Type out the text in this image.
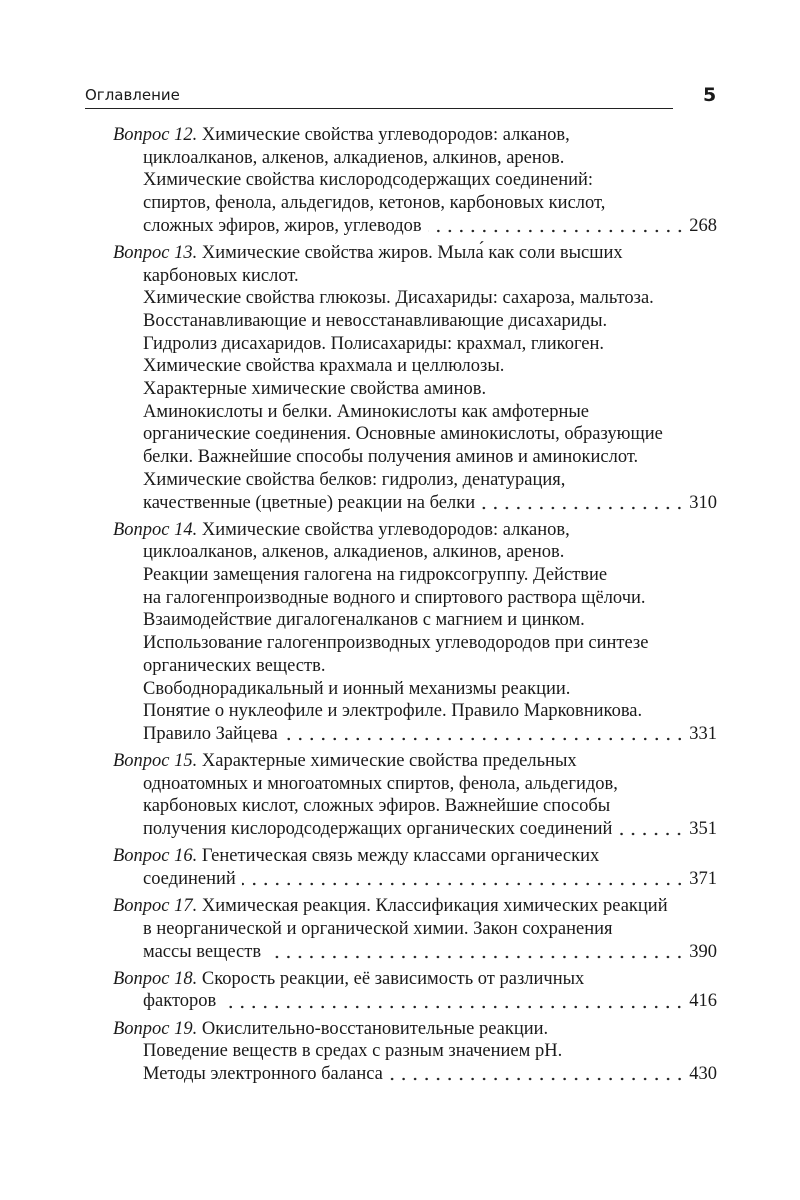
Оглавление	5
Вопрос 12. Химические свойства углеводородов: алканов,
циклоалканов, алкенов, алкадиенов, алкинов, аренов.
Химические свойства кислородсодержащих соединений:
спиртов, фенола, альдегидов, кетонов, карбоновых кислот,
сложных эфиров, жиров, углеводов	268
Вопрос 13. Химические свойства жиров. Мыла́ как соли высших
карбоновых кислот.
Химические свойства глюкозы. Дисахариды: сахароза, мальтоза.
Восстанавливающие и невосстанавливающие дисахариды.
Гидролиз дисахаридов. Полисахариды: крахмал, гликоген.
Химические свойства крахмала и целлюлозы.
Характерные химические свойства аминов.
Аминокислоты и белки. Аминокислоты как амфотерные
органические соединения. Основные аминокислоты, образующие
белки. Важнейшие способы получения аминов и аминокислот.
Химические свойства белков: гидролиз, денатурация,
качественные (цветные) реакции на белки	310
Вопрос 14. Химические свойства углеводородов: алканов,
циклоалканов, алкенов, алкадиенов, алкинов, аренов.
Реакции замещения галогена на гидроксогруппу. Действие
на галогенпроизводные водного и спиртового раствора щёлочи.
Взаимодействие дигалогеналканов с магнием и цинком.
Использование галогенпроизводных углеводородов при синтезе
органических веществ.
Свободнорадикальный и ионный механизмы реакции.
Понятие о нуклеофиле и электрофиле. Правило Марковникова.
Правило Зайцева	331
Вопрос 15. Характерные химические свойства предельных
одноатомных и многоатомных спиртов, фенола, альдегидов,
карбоновых кислот, сложных эфиров. Важнейшие способы
получения кислородсодержащих органических соединений	351
Вопрос 16. Генетическая связь между классами органических
соединений	371
Вопрос 17. Химическая реакция. Классификация химических реакций
в неорганической и органической химии. Закон сохранения
массы веществ	390
Вопрос 18. Скорость реакции, её зависимость от различных
факторов	416
Вопрос 19. Окислительно-восстановительные реакции.
Поведение веществ в средах с разным значением pH.
Методы электронного баланса	430
